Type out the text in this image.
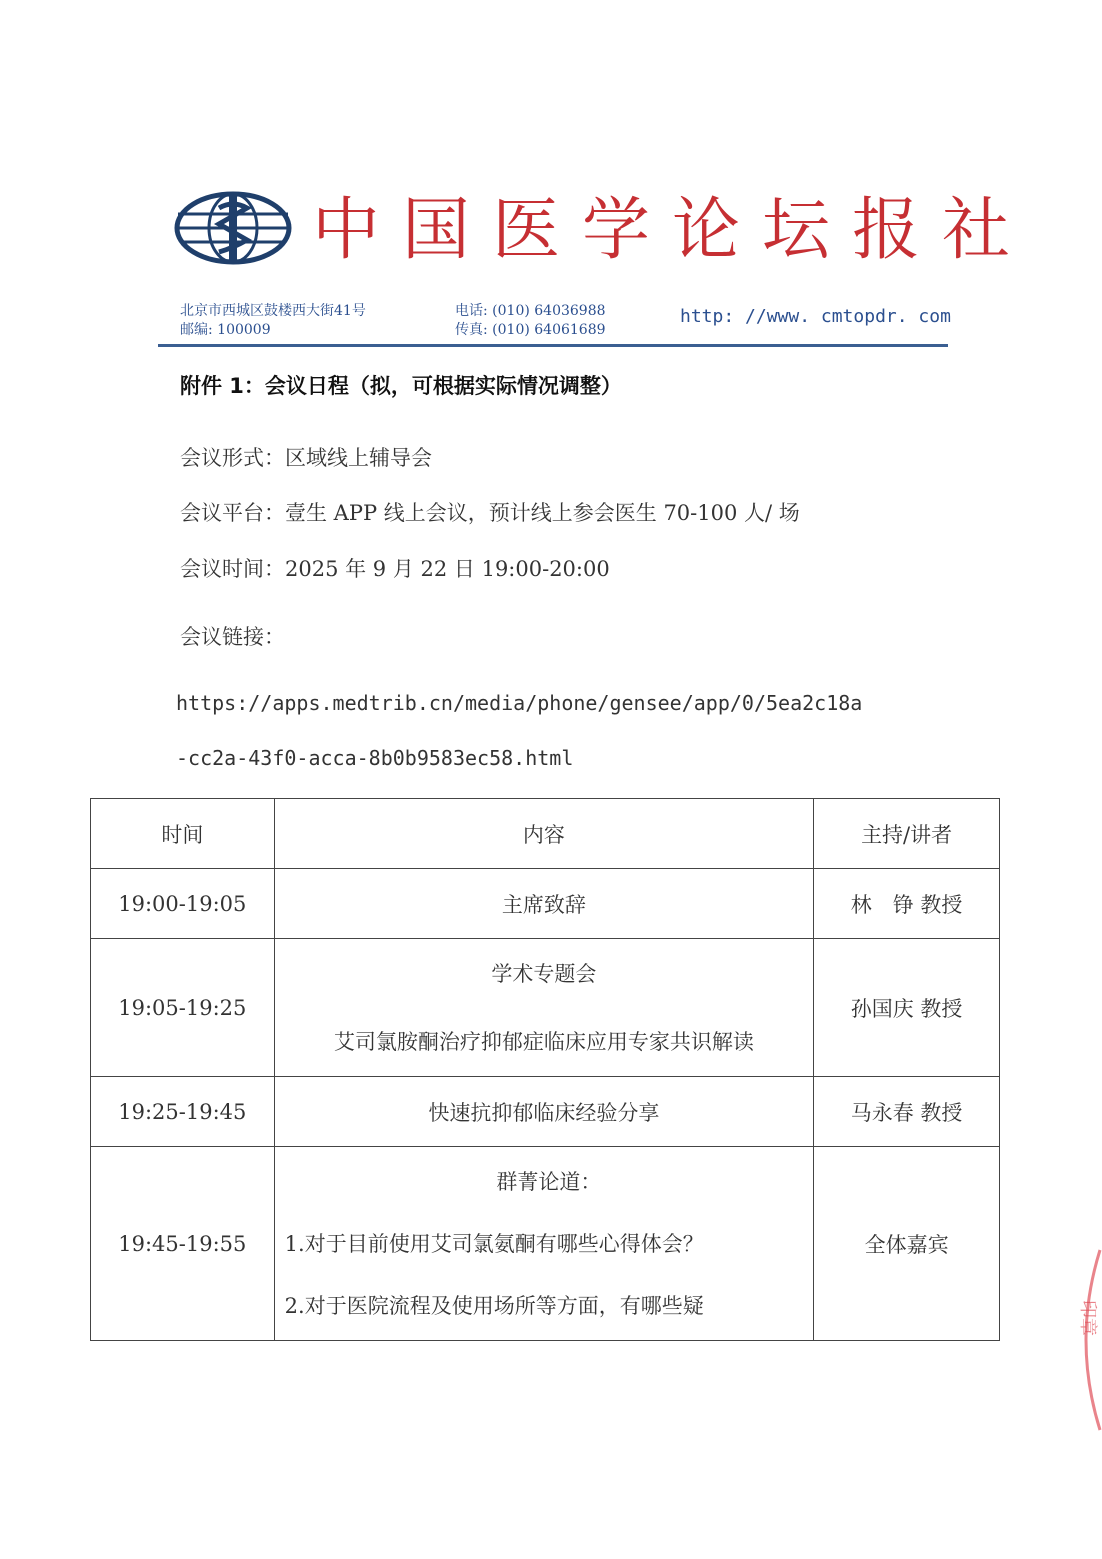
中国医学论坛报社
北京市西城区鼓楼西大街41号
邮编: 100009
电话: (010) 64036988
传真: (010) 64061689
http: //www. cmtopdr. com
附件 1：会议日程（拟，可根据实际情况调整）
会议形式：区域线上辅导会
会议平台：壹生 APP 线上会议，预计线上参会医生 70-100 人/ 场
会议时间：2025 年 9 月 22 日 19:00-20:00
会议链接：
https://apps.medtrib.cn/media/phone/gensee/app/0/5ea2c18a
-cc2a-43f0-acca-8b0b9583ec58.html
时间	内容	主持/讲者
19:00-19:05	主席致辞	林　铮 教授
19:05-19:25	学术专题会
艾司氯胺酮治疗抑郁症临床应用专家共识解读	孙国庆 教授
19:25-19:45	快速抗抑郁临床经验分享	马永春 教授
19:45-19:55	群菁论道：
1.对于目前使用艾司氯氨酮有哪些心得体会？
2.对于医院流程及使用场所等方面，有哪些疑	全体嘉宾
印章
